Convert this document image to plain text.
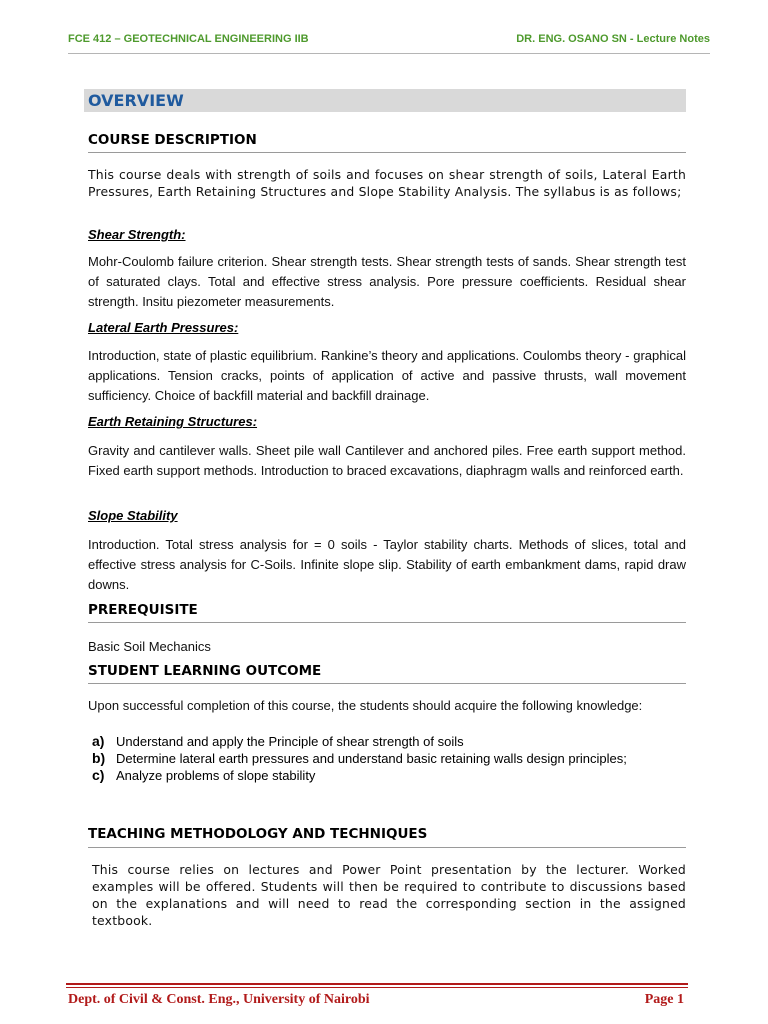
FCE 412 – GEOTECHNICAL ENGINEERING IIB	DR. ENG. OSANO SN - Lecture Notes
OVERVIEW
COURSE DESCRIPTION
This course deals with strength of soils and focuses on shear strength of soils, Lateral Earth Pressures, Earth Retaining Structures and Slope Stability Analysis. The syllabus is as follows;
Shear Strength:
Mohr-Coulomb failure criterion. Shear strength tests. Shear strength tests of sands. Shear strength test of saturated clays. Total and effective stress analysis. Pore pressure coefficients. Residual shear strength. Insitu piezometer measurements.
Lateral Earth Pressures:
Introduction, state of plastic equilibrium. Rankine’s theory and applications. Coulombs theory - graphical applications. Tension cracks, points of application of active and passive thrusts, wall movement sufficiency. Choice of backfill material and backfill drainage.
Earth Retaining Structures:
Gravity and cantilever walls. Sheet pile wall Cantilever and anchored piles. Free earth support method. Fixed earth support methods. Introduction to braced excavations, diaphragm walls and reinforced earth.
Slope Stability
Introduction. Total stress analysis for = 0 soils - Taylor stability charts. Methods of slices, total and effective stress analysis for C-Soils. Infinite slope slip. Stability of earth embankment dams, rapid draw downs.
PREREQUISITE
Basic Soil Mechanics
STUDENT LEARNING OUTCOME
Upon successful completion of this course, the students should acquire the following knowledge:
a) Understand and apply the Principle of shear strength of soils
b) Determine lateral earth pressures and understand basic retaining walls design principles;
c) Analyze problems of slope stability
TEACHING METHODOLOGY AND TECHNIQUES
This course relies on lectures and Power Point presentation by the lecturer. Worked examples will be offered. Students will then be required to contribute to discussions based on the explanations and will need to read the corresponding section in the assigned textbook.
Dept. of Civil & Const. Eng., University of Nairobi	Page 1
